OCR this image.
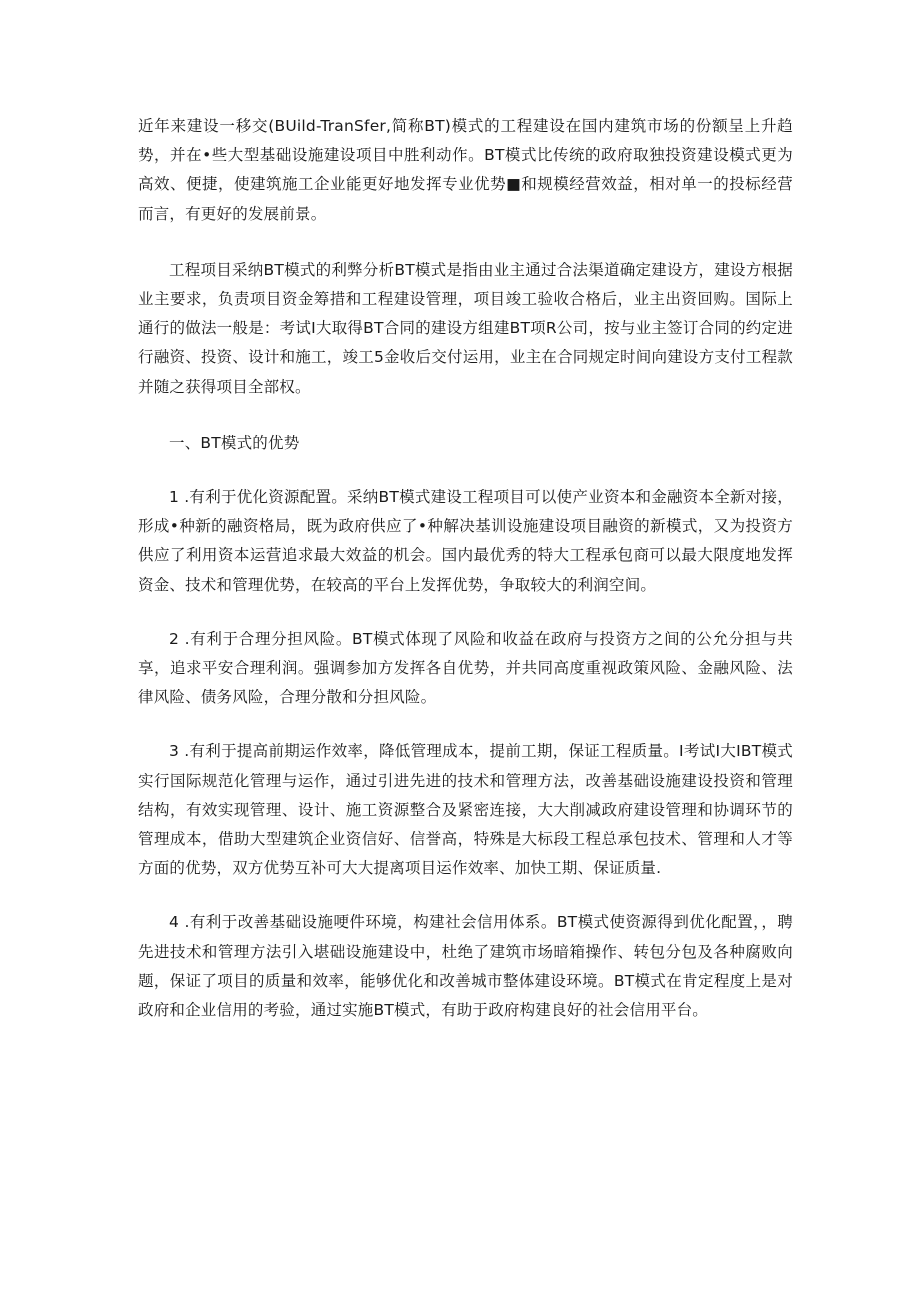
近年来建设一移交(BUild-TranSfer,简称BT)模式的工程建设在国内建筑市场的份额呈上升趋势，并在•些大型基础设施建设项目中胜利动作。BT模式比传统的政府取独投资建设模式更为高效、便捷，使建筑施工企业能更好地发挥专业优势■和规模经营效益，相对单一的投标经营而言，有更好的发展前景。

工程项目采纳BT模式的利弊分析BT模式是指由业主通过合法渠道确定建设方，建设方根据业主要求，负责项目资金筹措和工程建设管理，项目竣工验收合格后，业主出资回购。国际上通行的做法一般是：考试I大取得BT合同的建设方组建BT项R公司，按与业主签订合同的约定进行融资、投资、设计和施工，竣工5金收后交付运用，业主在合同规定时间向建设方支付工程款并随之获得项目全部权。

一、BT模式的优势

1 .有利于优化资源配置。采纳BT模式建设工程项目可以使产业资本和金融资本全新对接，形成•种新的融资格局，既为政府供应了•种解决基训设施建设项目融资的新模式，又为投资方供应了利用资本运营追求最大效益的机会。国内最优秀的特大工程承包商可以最大限度地发挥资金、技术和管理优势，在较高的平台上发挥优势，争取较大的利润空间。

2 .有利于合理分担风险。BT模式体现了风险和收益在政府与投资方之间的公允分担与共享，追求平安合理利润。强调参加方发挥各自优势，并共同高度重视政策风险、金融风险、法律风险、债务风险，合理分散和分担风险。

3 .有利于提高前期运作效率，降低管理成本，提前工期，保证工程质量。I考试I大IBT模式实行国际规范化管理与运作，通过引进先进的技术和管理方法，改善基础设施建设投资和管理结构，有效实现管理、设计、施工资源整合及紧密连接，大大削减政府建设管理和协调环节的管理成本，借助大型建筑企业资信好、信誉高，特殊是大标段工程总承包技术、管理和人才等方面的优势，双方优势互补可大大提离项目运作效率、加快工期、保证质量.

4 .有利于改善基础设施哽件环境，构建社会信用体系。BT模式使资源得到优化配置，，聘先进技术和管理方法引入堪础设施建设中，杜绝了建筑市场暗箱操作、转包分包及各种腐败向题，保证了项目的质量和效率，能够优化和改善城市整体建设环境。BT模式在肯定程度上是对政府和企业信用的考验，通过实施BT模式，有助于政府构建良好的社会信用平台。
